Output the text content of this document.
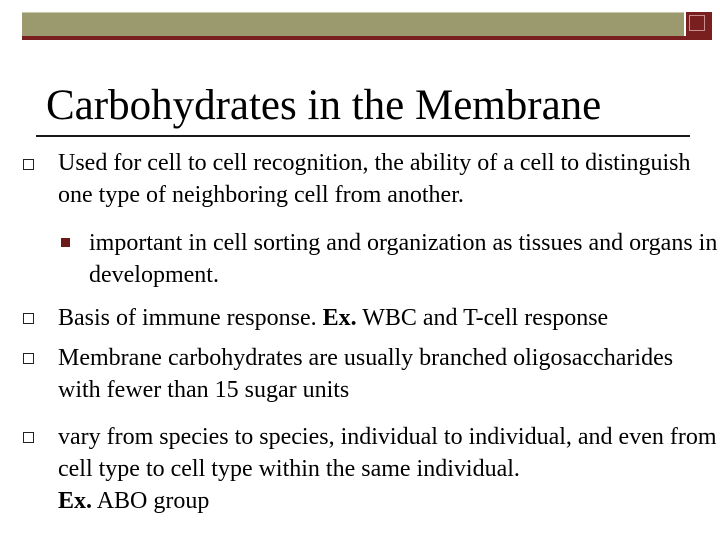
Carbohydrates in the Membrane
Used for cell to cell recognition, the ability of a cell to distinguish one type of neighboring cell from another.
important in cell sorting and organization as tissues and organs in development.
Basis of immune response. Ex. WBC and T-cell response
Membrane carbohydrates are usually branched oligosaccharides with fewer than 15 sugar units
vary from species to species, individual to individual, and even from cell type to cell type within the same individual.
Ex. ABO group
